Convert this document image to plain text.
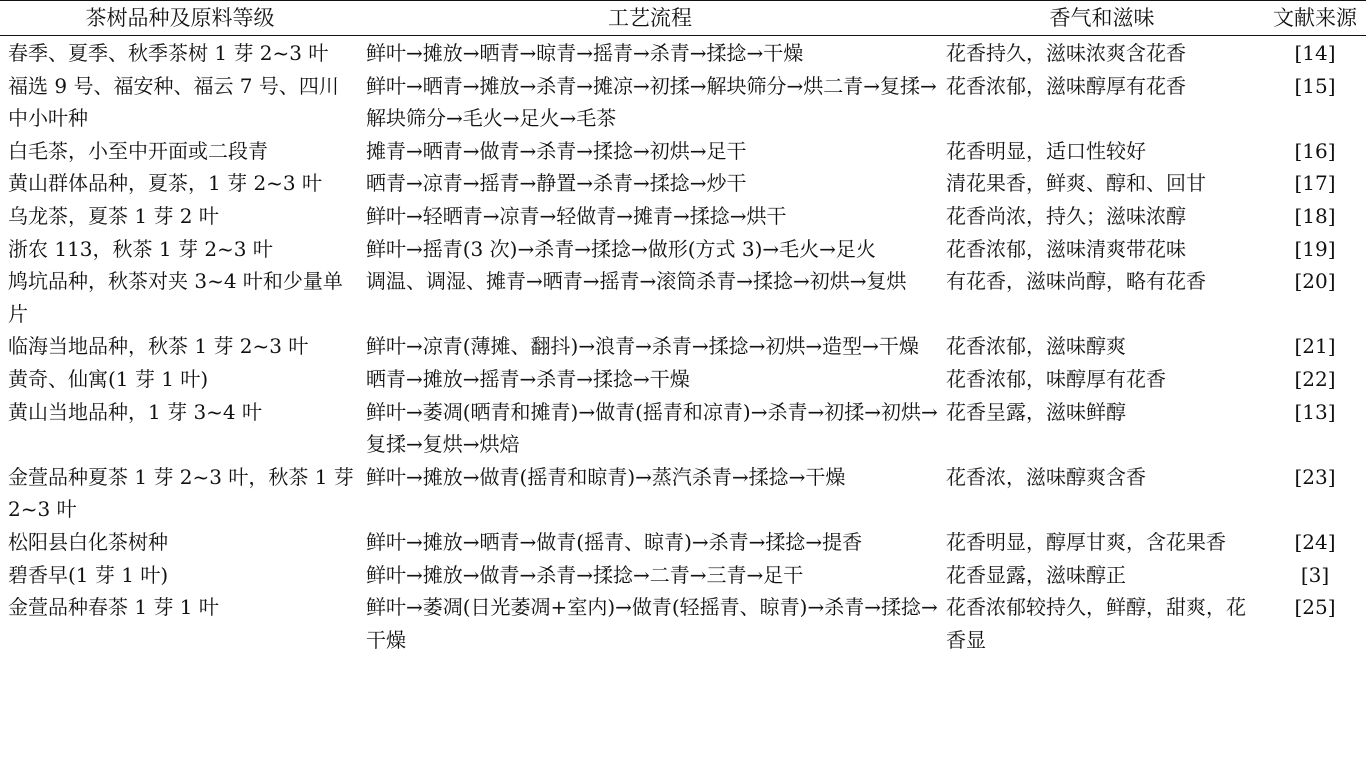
茶树品种及原料等级	工艺流程	香气和滋味	文献来源
春季、夏季、秋季茶树 1 芽 2~3 叶	鲜叶→摊放→晒青→晾青→摇青→杀青→揉捻→干燥	花香持久，滋味浓爽含花香	[14]
福选 9 号、福安种、福云 7 号、四川中小叶种	鲜叶→晒青→摊放→杀青→摊凉→初揉→解块筛分→烘二青→复揉→解块筛分→毛火→足火→毛茶	花香浓郁，滋味醇厚有花香	[15]
白毛茶，小至中开面或二段青	摊青→晒青→做青→杀青→揉捻→初烘→足干	花香明显，适口性较好	[16]
黄山群体品种，夏茶，1 芽 2~3 叶	晒青→凉青→摇青→静置→杀青→揉捻→炒干	清花果香，鲜爽、醇和、回甘	[17]
乌龙茶，夏茶 1 芽 2 叶	鲜叶→轻晒青→凉青→轻做青→摊青→揉捻→烘干	花香尚浓，持久；滋味浓醇	[18]
浙农 113，秋茶 1 芽 2~3 叶	鲜叶→摇青(3 次)→杀青→揉捻→做形(方式 3)→毛火→足火	花香浓郁，滋味清爽带花味	[19]
鸠坑品种，秋茶对夹 3~4 叶和少量单片	调温、调湿、摊青→晒青→摇青→滚筒杀青→揉捻→初烘→复烘	有花香，滋味尚醇，略有花香	[20]
临海当地品种，秋茶 1 芽 2~3 叶	鲜叶→凉青(薄摊、翻抖)→浪青→杀青→揉捻→初烘→造型→干燥	花香浓郁，滋味醇爽	[21]
黄奇、仙寓(1 芽 1 叶)	晒青→摊放→摇青→杀青→揉捻→干燥	花香浓郁，味醇厚有花香	[22]
黄山当地品种，1 芽 3~4 叶	鲜叶→萎凋(晒青和摊青)→做青(摇青和凉青)→杀青→初揉→初烘→复揉→复烘→烘焙	花香呈露，滋味鲜醇	[13]
金萱品种夏茶 1 芽 2~3 叶，秋茶 1 芽 2~3 叶	鲜叶→摊放→做青(摇青和晾青)→蒸汽杀青→揉捻→干燥	花香浓，滋味醇爽含香	[23]
松阳县白化茶树种	鲜叶→摊放→晒青→做青(摇青、晾青)→杀青→揉捻→提香	花香明显，醇厚甘爽，含花果香	[24]
碧香早(1 芽 1 叶)	鲜叶→摊放→做青→杀青→揉捻→二青→三青→足干	花香显露，滋味醇正	[3]
金萱品种春茶 1 芽 1 叶	鲜叶→萎凋(日光萎凋+室内)→做青(轻摇青、晾青)→杀青→揉捻→干燥	花香浓郁较持久，鲜醇，甜爽，花香显	[25]
